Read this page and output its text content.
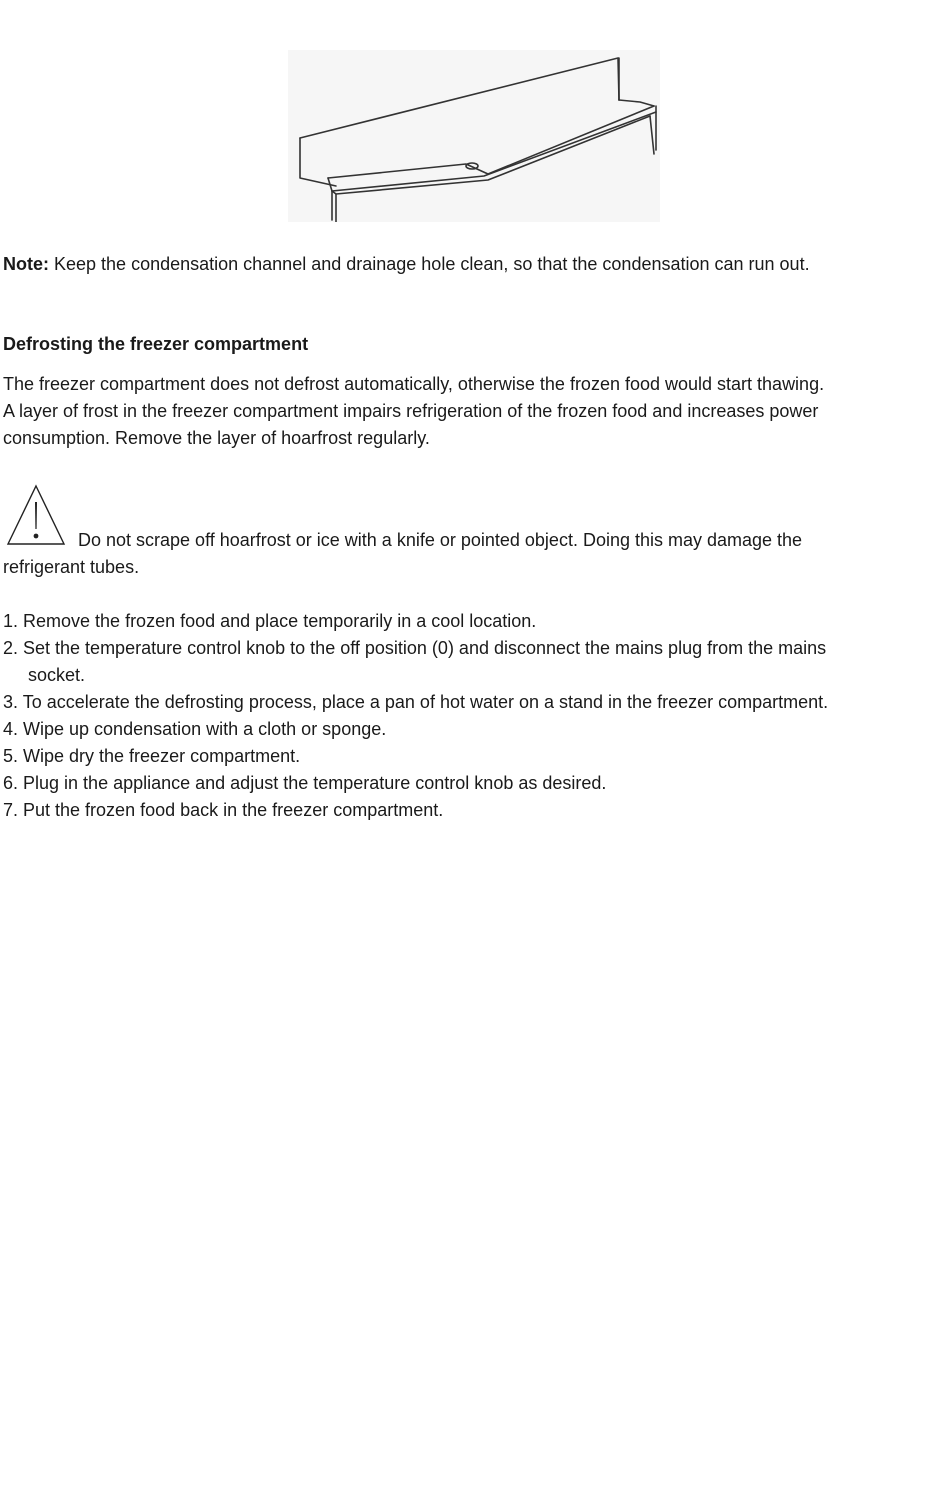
Note: Keep the condensation channel and drainage hole clean, so that the condensation can run out.
Defrosting the freezer compartment
The freezer compartment does not defrost automatically, otherwise the frozen food would start thawing.
A layer of frost in the freezer compartment impairs refrigeration of the frozen food and increases power
consumption. Remove the layer of hoarfrost regularly.
Do not scrape off hoarfrost or ice with a knife or pointed object. Doing this may damage the
refrigerant tubes.
1. Remove the frozen food and place temporarily in a cool location.
2. Set the temperature control knob to the off position (0) and disconnect the mains plug from the mains
socket.
3. To accelerate the defrosting process, place a pan of hot water on a stand in the freezer compartment.
4. Wipe up condensation with a cloth or sponge.
5. Wipe dry the freezer compartment.
6. Plug in the appliance and adjust the temperature control knob as desired.
7. Put the frozen food back in the freezer compartment.
